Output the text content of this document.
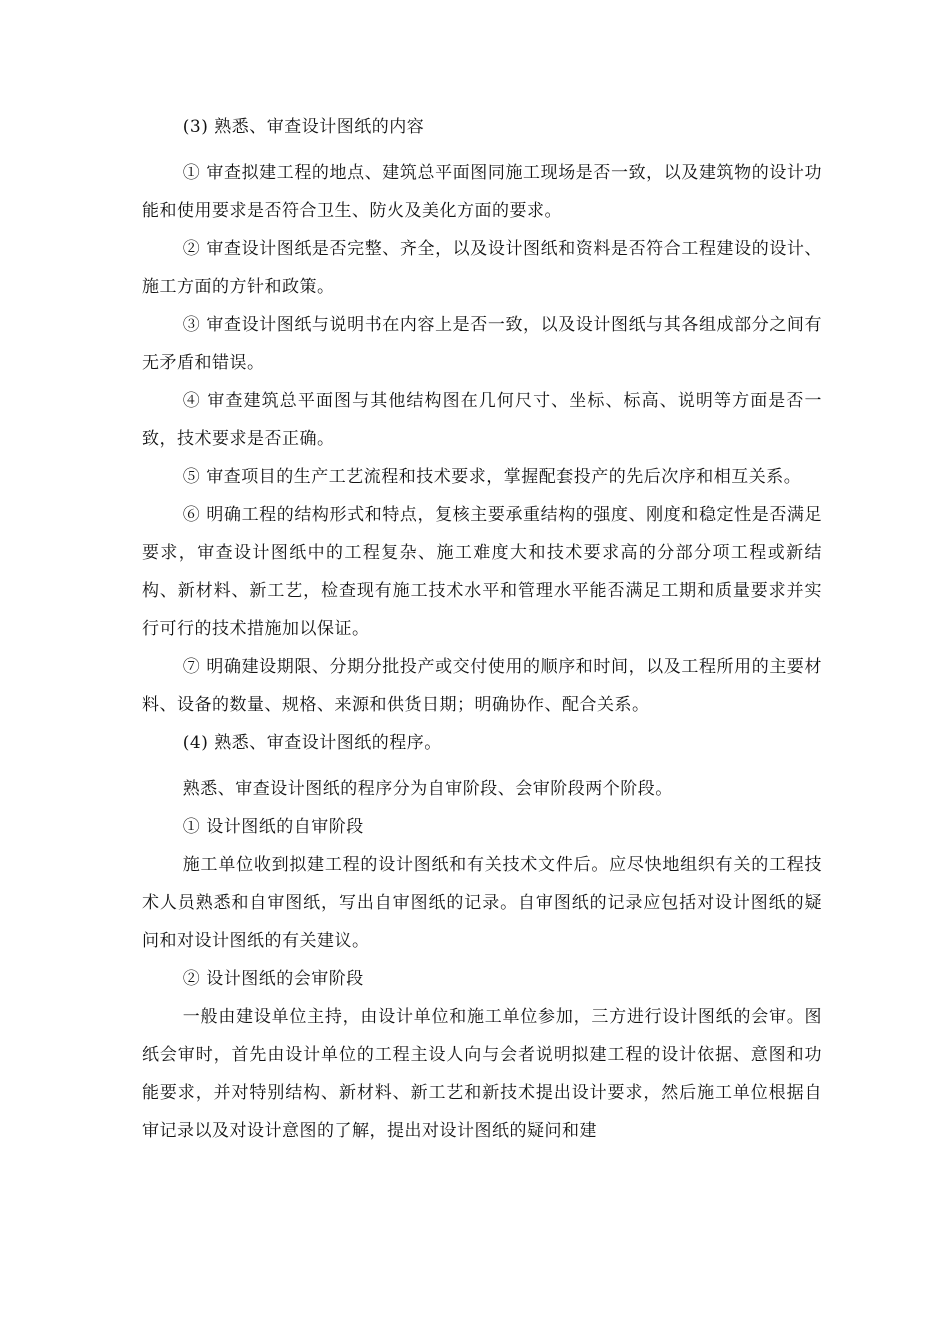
(3) 熟悉、审查设计图纸的内容

① 审查拟建工程的地点、建筑总平面图同施工现场是否一致，以及建筑物的设计功能和使用要求是否符合卫生、防火及美化方面的要求。

② 审查设计图纸是否完整、齐全，以及设计图纸和资料是否符合工程建设的设计、施工方面的方针和政策。

③ 审查设计图纸与说明书在内容上是否一致，以及设计图纸与其各组成部分之间有无矛盾和错误。

④ 审查建筑总平面图与其他结构图在几何尺寸、坐标、标高、说明等方面是否一致，技术要求是否正确。

⑤ 审查项目的生产工艺流程和技术要求，掌握配套投产的先后次序和相互关系。

⑥ 明确工程的结构形式和特点，复核主要承重结构的强度、刚度和稳定性是否满足要求，审查设计图纸中的工程复杂、施工难度大和技术要求高的分部分项工程或新结构、新材料、新工艺，检查现有施工技术水平和管理水平能否满足工期和质量要求并实行可行的技术措施加以保证。

⑦ 明确建设期限、分期分批投产或交付使用的顺序和时间，以及工程所用的主要材料、设备的数量、规格、来源和供货日期；明确协作、配合关系。

(4) 熟悉、审查设计图纸的程序。

熟悉、审查设计图纸的程序分为自审阶段、会审阶段两个阶段。

① 设计图纸的自审阶段

施工单位收到拟建工程的设计图纸和有关技术文件后。应尽快地组织有关的工程技术人员熟悉和自审图纸，写出自审图纸的记录。自审图纸的记录应包括对设计图纸的疑问和对设计图纸的有关建议。

② 设计图纸的会审阶段

一般由建设单位主持，由设计单位和施工单位参加，三方进行设计图纸的会审。图纸会审时，首先由设计单位的工程主设人向与会者说明拟建工程的设计依据、意图和功能要求，并对特别结构、新材料、新工艺和新技术提出设计要求，然后施工单位根据自审记录以及对设计意图的了解，提出对设计图纸的疑问和建
